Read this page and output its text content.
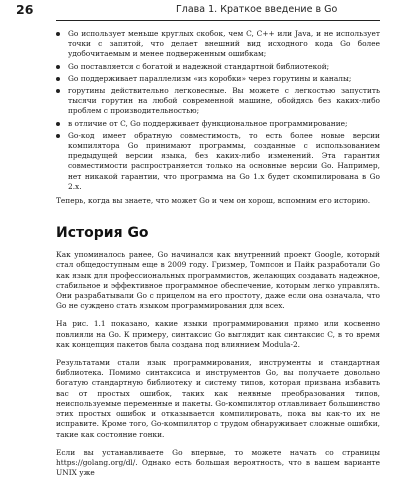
26	Глава 1. Краткое введение в Go
Go использует меньше круглых скобок, чем C, C++ или Java, и не использует точки с запятой, что делает внешний вид исходного кода Go более удобочитаемым и менее подверженным ошибкам;
Go поставляется с богатой и надежной стандартной библиотекой;
Go поддерживает параллелизм «из коробки» через горутины и каналы;
горутины действительно легковесные. Вы можете с легкостью запустить тысячи горутин на любой современной машине, обойдясь без каких-либо проблем с производительностью;
в отличие от C, Go поддерживает функциональное программирование;
Go-код имеет обратную совместимость, то есть более новые версии компилятора Go принимают программы, созданные с использованием предыдущей версии языка, без каких-либо изменений. Эта гарантия совместимости распространяется только на основные версии Go. Например, нет никакой гарантии, что программа на Go 1.x будет скомпилирована в Go 2.x.

Теперь, когда вы знаете, что может Go и чем он хорош, вспомним его историю.

История Go

Как упоминалось ранее, Go начинался как внутренний проект Google, который стал общедоступным еще в 2009 году. Гризмер, Томпсон и Пайк разработали Go как язык для профессиональных программистов, желающих создавать надежное, стабильное и эффективное программное обеспечение, которым легко управлять. Они разрабатывали Go с прицелом на его простоту, даже если она означала, что Go не суждено стать языком программирования для всех.

На рис. 1.1 показано, какие языки программирования прямо или косвенно повлияли на Go. К примеру, синтаксис Go выглядит как синтаксис C, в то время как концепция пакетов была создана под влиянием Modula-2.

Результатами стали язык программирования, инструменты и стандартная библиотека. Помимо синтаксиса и инструментов Go, вы получаете довольно богатую стандартную библиотеку и систему типов, которая призвана избавить вас от простых ошибок, таких как неявные преобразования типов, неиспользуемые переменные и пакеты. Go-компилятор отлавливает большинство этих простых ошибок и отказывается компилировать, пока вы как-то их не исправите. Кроме того, Go-компилятор с трудом обнаруживает сложные ошибки, такие как состояние гонки.

Если вы устанавливаете Go впервые, то можете начать со страницы https://golang.org/dl/. Однако есть большая вероятность, что в вашем варианте UNIX уже
